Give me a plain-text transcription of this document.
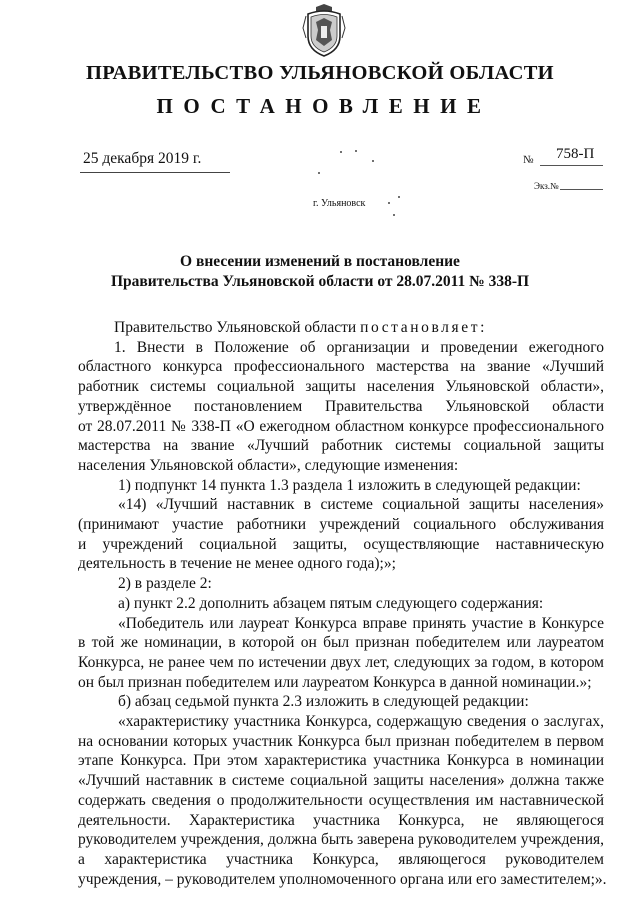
ПРАВИТЕЛЬСТВО УЛЬЯНОВСКОЙ ОБЛАСТИ
ПОСТАНОВЛЕНИЕ
25 декабря 2019 г.	№ 758-П
Экз.№
г. Ульяновск
О внесении изменений в постановление
Правительства Ульяновской области от 28.07.2011 № 338-П
Правительство Ульяновской области постановляет:
1. Внести в Положение об организации и проведении ежегодного
областного конкурса профессионального мастерства на звание «Лучший
работник системы социальной защиты населения Ульяновской области»,
утверждённое постановлением Правительства Ульяновской области
от 28.07.2011 № 338-П «О ежегодном областном конкурсе профессионального
мастерства на звание «Лучший работник системы социальной защиты
населения Ульяновской области», следующие изменения:
1) подпункт 14 пункта 1.3 раздела 1 изложить в следующей редакции:
«14) «Лучший наставник в системе социальной защиты населения»
(принимают участие работники учреждений социального обслуживания
и учреждений социальной защиты, осуществляющие наставническую
деятельность в течение не менее одного года);»;
2) в разделе 2:
а) пункт 2.2 дополнить абзацем пятым следующего содержания:
«Победитель или лауреат Конкурса вправе принять участие в Конкурсе
в той же номинации, в которой он был признан победителем или лауреатом
Конкурса, не ранее чем по истечении двух лет, следующих за годом, в котором
он был признан победителем или лауреатом Конкурса в данной номинации.»;
б) абзац седьмой пункта 2.3 изложить в следующей редакции:
«характеристику участника Конкурса, содержащую сведения о заслугах,
на основании которых участник Конкурса был признан победителем в первом
этапе Конкурса. При этом характеристика участника Конкурса в номинации
«Лучший наставник в системе социальной защиты населения» должна также
содержать сведения о продолжительности осуществления им наставнической
деятельности. Характеристика участника Конкурса, не являющегося
руководителем учреждения, должна быть заверена руководителем учреждения,
а характеристика участника Конкурса, являющегося руководителем
учреждения, – руководителем уполномоченного органа или его заместителем;».
